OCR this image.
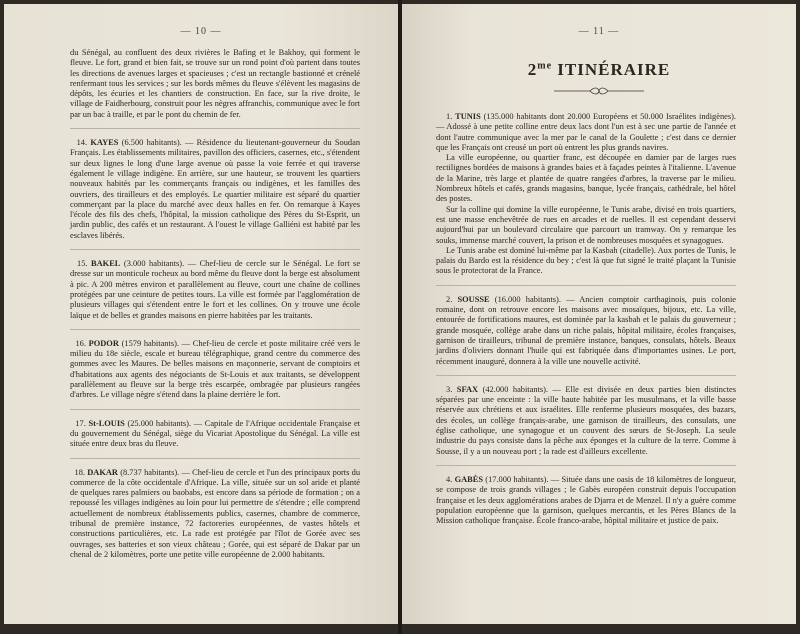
— 10 —

du Sénégal, au confluent des deux rivières le Bafing et le Bakhoy, qui forment le fleuve. Le fort, grand et bien fait, se trouve sur un rond point d'où partent dans toutes les directions de avenues larges et spacieuses ; c'est un rectangle bastionné et crénelé renfermant tous les services ; sur les bords mêmes du fleuve s'élèvent les magasins de dépôts, les écuries et les chantiers de construction. En face, sur la rive droite, le village de Faidherbourg, construit pour les nègres affranchis, communique avec le fort par un bac à traille, et par le pont du chemin de fer.

14. KAYES (6.500 habitants). — Résidence du lieutenant-gouverneur du Soudan Français. Les établissements militaires, pavillon des officiers, casernes, etc., s'étendent sur deux lignes le long d'une large avenue où passe la voie ferrée et qui traverse également le village indigène. En arrière, sur une hauteur, se trouvent les quartiers nouveaux habités par les commerçants français ou indigènes, et les familles des ouvriers, des tirailleurs et des employés. Le quartier militaire est séparé du quartier commerçant par la place du marché avec deux halles en fer. On remarque à Kayes l'école des fils des chefs, l'hôpital, la mission catholique des Pères du St-Esprit, un jardin public, des cafés et un restaurant. A l'ouest le village Galliéni est habité par les esclaves libérés.

15. BAKEL (3.000 habitants). — Chef-lieu de cercle sur le Sénégal. Le fort se dresse sur un monticule rocheux au bord même du fleuve dont la berge est absolument à pic. A 200 mètres environ et parallèlement au fleuve, court une chaîne de collines protégées par une ceinture de petites tours. La ville est formée par l'agglomération de plusieurs villages qui s'étendent entre le fort et les collines. On y trouve une école laïque et de belles et grandes maisons en pierre habitées par les traitants.

16. PODOR (1579 habitants). — Chef-lieu de cercle et poste militaire créé vers le milieu du 18e siècle, escale et bureau télégraphique, grand centre du commerce des gommes avec les Maures. De belles maisons en maçonnerie, servant de comptoirs et d'habitations aux agents des négociants de St-Louis et aux traitants, se développent parallèlement au fleuve sur la berge très escarpée, ombragée par plusieurs rangées d'arbres. Le village nègre s'étend dans la plaine derrière le fort.

17. St-LOUIS (25.000 habitants). — Capitale de l'Afrique occidentale Française et du gouvernement du Sénégal, siège du Vicariat Apostolique du Sénégal. La ville est située entre deux bras du fleuve.

18. DAKAR (8.737 habitants). — Chef-lieu de cercle et l'un des principaux ports du commerce de la côte occidentale d'Afrique. La ville, située sur un sol aride et planté de quelques rares palmiers ou baobabs, est encore dans sa période de formation ; on a repoussé les villages indigènes au loin pour lui permettre de s'étendre ; elle comprend actuellement de nombreux établissements publics, casernes, chambre de commerce, tribunal de première instance, 72 factoreries européennes, de vastes hôtels et constructions particulières, etc. La rade est protégée par l'îlot de Gorée avec ses ouvrages, ses batteries et son vieux château ; Gorée, qui est séparé de Dakar par un chenal de 2 kilomètres, porte une petite ville européenne de 2.000 habitants.

— 11 —
$2^{me}$ ITINÉRAIRE

1. TUNIS (135.000 habitants dont 20.000 Européens et 50.000 Israélites indigènes). — Adossé à une petite colline entre deux lacs dont l'un est à sec une partie de l'année et dont l'autre communique avec la mer par le canal de la Goulette ; c'est dans ce dernier que les Français ont creusé un port où entrent les plus grands navires.

La ville européenne, ou quartier franc, est découpée en damier par de larges rues rectilignes bordées de maisons à grandes baies et à façades peintes à l'italienne. L'avenue de la Marine, très large et plantée de quatre rangées d'arbres, la traverse par le milieu. Nombreux hôtels et cafés, grands magasins, banque, lycée français, cathédrale, bel hôtel des postes.

Sur la colline qui domine la ville européenne, le Tunis arabe, divisé en trois quartiers, est une masse enchevêtrée de rues en arcades et de ruelles. Il est cependant desservi aujourd'hui par un boulevard circulaire que parcourt un tramway. On y remarque les souks, immense marché couvert, la prison et de nombreuses mosquées et synagogues.

Le Tunis arabe est dominé lui-même par la Kasbah (citadelle). Aux portes de Tunis, le palais du Bardo est la résidence du bey ; c'est là que fut signé le traité plaçant la Tunisie sous le protectorat de la France.

2. SOUSSE (16.000 habitants). — Ancien comptoir carthaginois, puis colonie romaine, dont on retrouve encore les maisons avec mosaïques, bijoux, etc. La ville, entourée de fortifications maures, est dominée par la kasbah et le palais du gouverneur ; grande mosquée, collège arabe dans un riche palais, hôpital militaire, écoles françaises, garnison de tirailleurs, tribunal de première instance, banques, consulats, hôtels. Beaux jardins d'oliviers donnant l'huile qui est fabriquée dans d'importantes usines. Le port, récemment inauguré, donnera à la ville une nouvelle activité.

3. SFAX (42.000 habitants). — Elle est divisée en deux parties bien distinctes séparées par une enceinte : la ville haute habitée par les musulmans, et la ville basse réservée aux chrétiens et aux israélites. Elle renferme plusieurs mosquées, des bazars, des écoles, un collège français-arabe, une garnison de tirailleurs, des consulats, une église catholique, une synagogue et un couvent des sœurs de St-Joseph. La seule industrie du pays consiste dans la pêche aux éponges et la culture de la terre. Comme à Sousse, il y a un nouveau port ; la rade est d'ailleurs excellente.

4. GABÈS (17.000 habitants). — Située dans une oasis de 18 kilomètres de longueur, se compose de trois grands villages ; le Gabès européen construit depuis l'occupation française et les deux agglomérations arabes de Djarra et de Menzel. Il n'y a guère comme population européenne que la garnison, quelques mercantis, et les Pères Blancs de la Mission catholique française. École franco-arabe, hôpital militaire et justice de paix.
